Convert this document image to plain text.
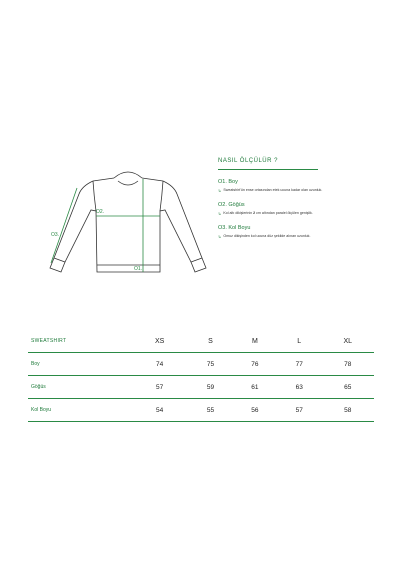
O1.
O2.
O3.
NASIL ÖLÇÜLÜR ?
O1. Boy
↳ Sweatshirt'ün ense ortasından etek ucuna kadar olan uzunluk.
O2. Göğüs
↳ Kol altı dikişlerinin 2 cm altından paralel ölçülen genişlik.
O3. Kol Boyu
↳ Omuz dikişinden kol ucuna düz şekilde alınan uzunluk.
SWEATSHIRT	XS	S	M	L	XL
Boy	74	75	76	77	78
Göğüs	57	59	61	63	65
Kol Boyu	54	55	56	57	58
